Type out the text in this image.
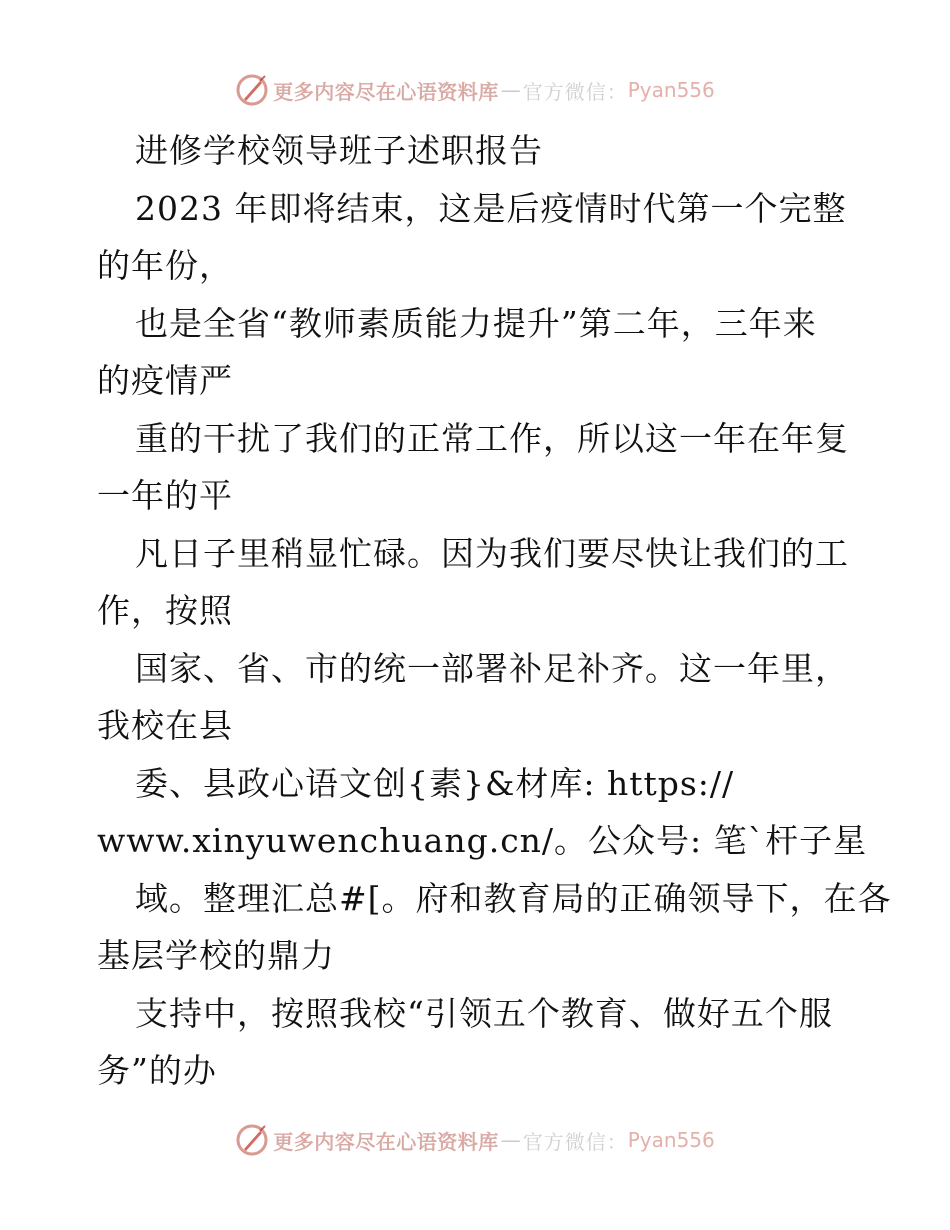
更多内容尽在心语资料库 — 官方微信： Pyan556
进修学校领导班子述职报告
2023 年即将结束，这是后疫情时代第一个完整
的年份，
也是全省“教师素质能力提升”第二年，三年来
的疫情严
重的干扰了我们的正常工作，所以这一年在年复
一年的平
凡日子里稍显忙碌。因为我们要尽快让我们的工
作，按照
国家、省、市的统一部署补足补齐。这一年里，
我校在县
委、县政心语文创{素}&材库: https://
www.xinyuwenchuang.cn/。公众号: 笔`杆子星
域。整理汇总#[。府和教育局的正确领导下，在各
基层学校的鼎力
支持中，按照我校“引领五个教育、做好五个服
务”的办
更多内容尽在心语资料库 — 官方微信： Pyan556
